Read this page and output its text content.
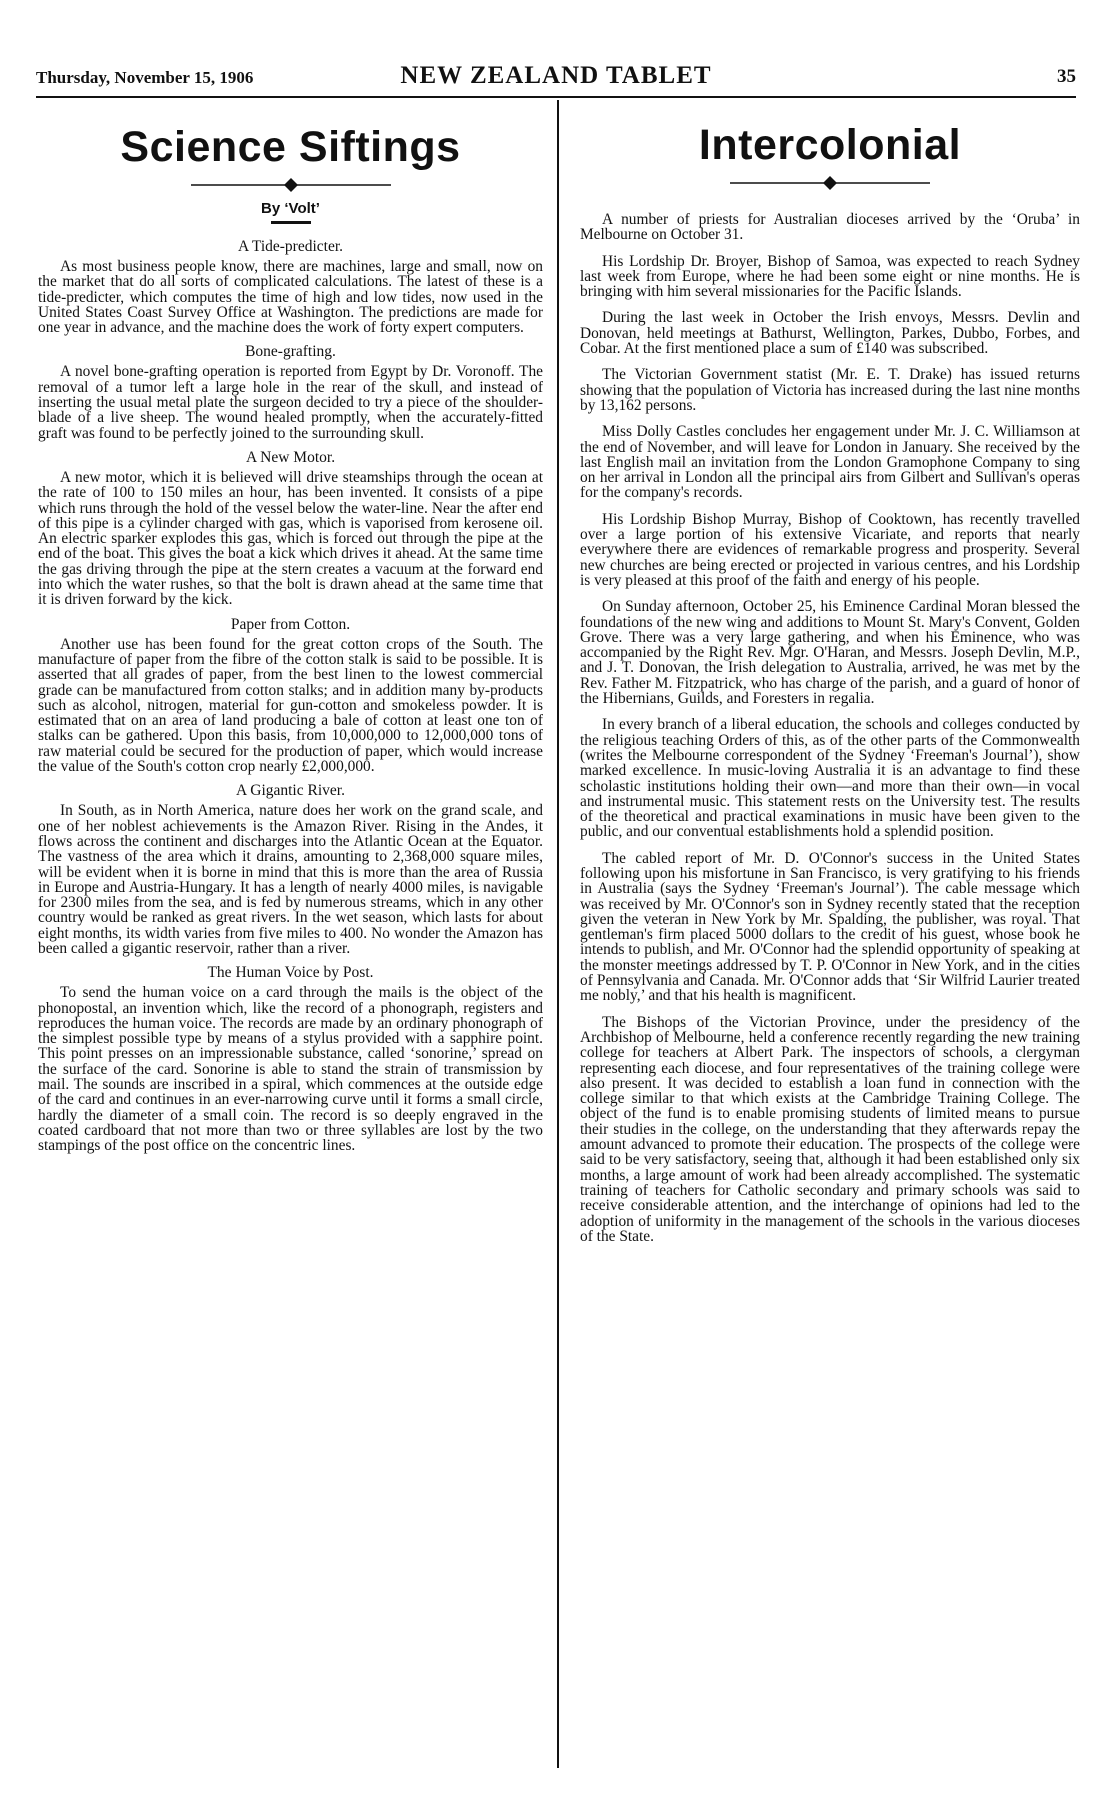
Thursday, November 15, 1906	NEW ZEALAND TABLET	35
Science Siftings
By ‘Volt’
A Tide-predicter.

As most business people know, there are machines, large and small, now on the market that do all sorts of complicated calculations. The latest of these is a tide-predicter, which computes the time of high and low tides, now used in the United States Coast Survey Office at Washington. The predictions are made for one year in advance, and the machine does the work of forty expert computers.

Bone-grafting.

A novel bone-grafting operation is reported from Egypt by Dr. Voronoff. The removal of a tumor left a large hole in the rear of the skull, and instead of inserting the usual metal plate the surgeon decided to try a piece of the shoulder-blade of a live sheep. The wound healed promptly, when the accurately-fitted graft was found to be perfectly joined to the surrounding skull.

A New Motor.

A new motor, which it is believed will drive steamships through the ocean at the rate of 100 to 150 miles an hour, has been invented. It consists of a pipe which runs through the hold of the vessel below the water-line. Near the after end of this pipe is a cylinder charged with gas, which is vaporised from kerosene oil. An electric sparker explodes this gas, which is forced out through the pipe at the end of the boat. This gives the boat a kick which drives it ahead. At the same time the gas driving through the pipe at the stern creates a vacuum at the forward end into which the water rushes, so that the bolt is drawn ahead at the same time that it is driven forward by the kick.

Paper from Cotton.

Another use has been found for the great cotton crops of the South. The manufacture of paper from the fibre of the cotton stalk is said to be possible. It is asserted that all grades of paper, from the best linen to the lowest commercial grade can be manufactured from cotton stalks; and in addition many by-products such as alcohol, nitrogen, material for gun-cotton and smokeless powder. It is estimated that on an area of land producing a bale of cotton at least one ton of stalks can be gathered. Upon this basis, from 10,000,000 to 12,000,000 tons of raw material could be secured for the production of paper, which would increase the value of the South's cotton crop nearly £2,000,000.

A Gigantic River.

In South, as in North America, nature does her work on the grand scale, and one of her noblest achievements is the Amazon River. Rising in the Andes, it flows across the continent and discharges into the Atlantic Ocean at the Equator. The vastness of the area which it drains, amounting to 2,368,000 square miles, will be evident when it is borne in mind that this is more than the area of Russia in Europe and Austria-Hungary. It has a length of nearly 4000 miles, is navigable for 2300 miles from the sea, and is fed by numerous streams, which in any other country would be ranked as great rivers. In the wet season, which lasts for about eight months, its width varies from five miles to 400. No wonder the Amazon has been called a gigantic reservoir, rather than a river.

The Human Voice by Post.

To send the human voice on a card through the mails is the object of the phonopostal, an invention which, like the record of a phonograph, registers and reproduces the human voice. The records are made by an ordinary phonograph of the simplest possible type by means of a stylus provided with a sapphire point. This point presses on an impressionable substance, called ‘sonorine,’ spread on the surface of the card. Sonorine is able to stand the strain of transmission by mail. The sounds are inscribed in a spiral, which commences at the outside edge of the card and continues in an ever-narrowing curve until it forms a small circle, hardly the diameter of a small coin. The record is so deeply engraved in the coated cardboard that not more than two or three syllables are lost by the two stampings of the post office on the concentric lines.

Intercolonial

A number of priests for Australian dioceses arrived by the ‘Oruba’ in Melbourne on October 31.

His Lordship Dr. Broyer, Bishop of Samoa, was expected to reach Sydney last week from Europe, where he had been some eight or nine months. He is bringing with him several missionaries for the Pacific Islands.

During the last week in October the Irish envoys, Messrs. Devlin and Donovan, held meetings at Bathurst, Wellington, Parkes, Dubbo, Forbes, and Cobar. At the first mentioned place a sum of £140 was subscribed.

The Victorian Government statist (Mr. E. T. Drake) has issued returns showing that the population of Victoria has increased during the last nine months by 13,162 persons.

Miss Dolly Castles concludes her engagement under Mr. J. C. Williamson at the end of November, and will leave for London in January. She received by the last English mail an invitation from the London Gramophone Company to sing on her arrival in London all the principal airs from Gilbert and Sullivan's operas for the company's records.

His Lordship Bishop Murray, Bishop of Cooktown, has recently travelled over a large portion of his extensive Vicariate, and reports that nearly everywhere there are evidences of remarkable progress and prosperity. Several new churches are being erected or projected in various centres, and his Lordship is very pleased at this proof of the faith and energy of his people.

On Sunday afternoon, October 25, his Eminence Cardinal Moran blessed the foundations of the new wing and additions to Mount St. Mary's Convent, Golden Grove. There was a very large gathering, and when his Eminence, who was accompanied by the Right Rev. Mgr. O'Haran, and Messrs. Joseph Devlin, M.P., and J. T. Donovan, the Irish delegation to Australia, arrived, he was met by the Rev. Father M. Fitzpatrick, who has charge of the parish, and a guard of honor of the Hibernians, Guilds, and Foresters in regalia.

In every branch of a liberal education, the schools and colleges conducted by the religious teaching Orders of this, as of the other parts of the Commonwealth (writes the Melbourne correspondent of the Sydney ‘Freeman's Journal’), show marked excellence. In music-loving Australia it is an advantage to find these scholastic institutions holding their own—and more than their own—in vocal and instrumental music. This statement rests on the University test. The results of the theoretical and practical examinations in music have been given to the public, and our conventual establishments hold a splendid position.

The cabled report of Mr. D. O'Connor's success in the United States following upon his misfortune in San Francisco, is very gratifying to his friends in Australia (says the Sydney ‘Freeman's Journal’). The cable message which was received by Mr. O'Connor's son in Sydney recently stated that the reception given the veteran in New York by Mr. Spalding, the publisher, was royal. That gentleman's firm placed 5000 dollars to the credit of his guest, whose book he intends to publish, and Mr. O'Connor had the splendid opportunity of speaking at the monster meetings addressed by T. P. O'Connor in New York, and in the cities of Pennsylvania and Canada. Mr. O'Connor adds that ‘Sir Wilfrid Laurier treated me nobly,’ and that his health is magnificent.

The Bishops of the Victorian Province, under the presidency of the Archbishop of Melbourne, held a conference recently regarding the new training college for teachers at Albert Park. The inspectors of schools, a clergyman representing each diocese, and four representatives of the training college were also present. It was decided to establish a loan fund in connection with the college similar to that which exists at the Cambridge Training College. The object of the fund is to enable promising students of limited means to pursue their studies in the college, on the understanding that they afterwards repay the amount advanced to promote their education. The prospects of the college were said to be very satisfactory, seeing that, although it had been established only six months, a large amount of work had been already accomplished. The systematic training of teachers for Catholic secondary and primary schools was said to receive considerable attention, and the interchange of opinions had led to the adoption of uniformity in the management of the schools in the various dioceses of the State.
